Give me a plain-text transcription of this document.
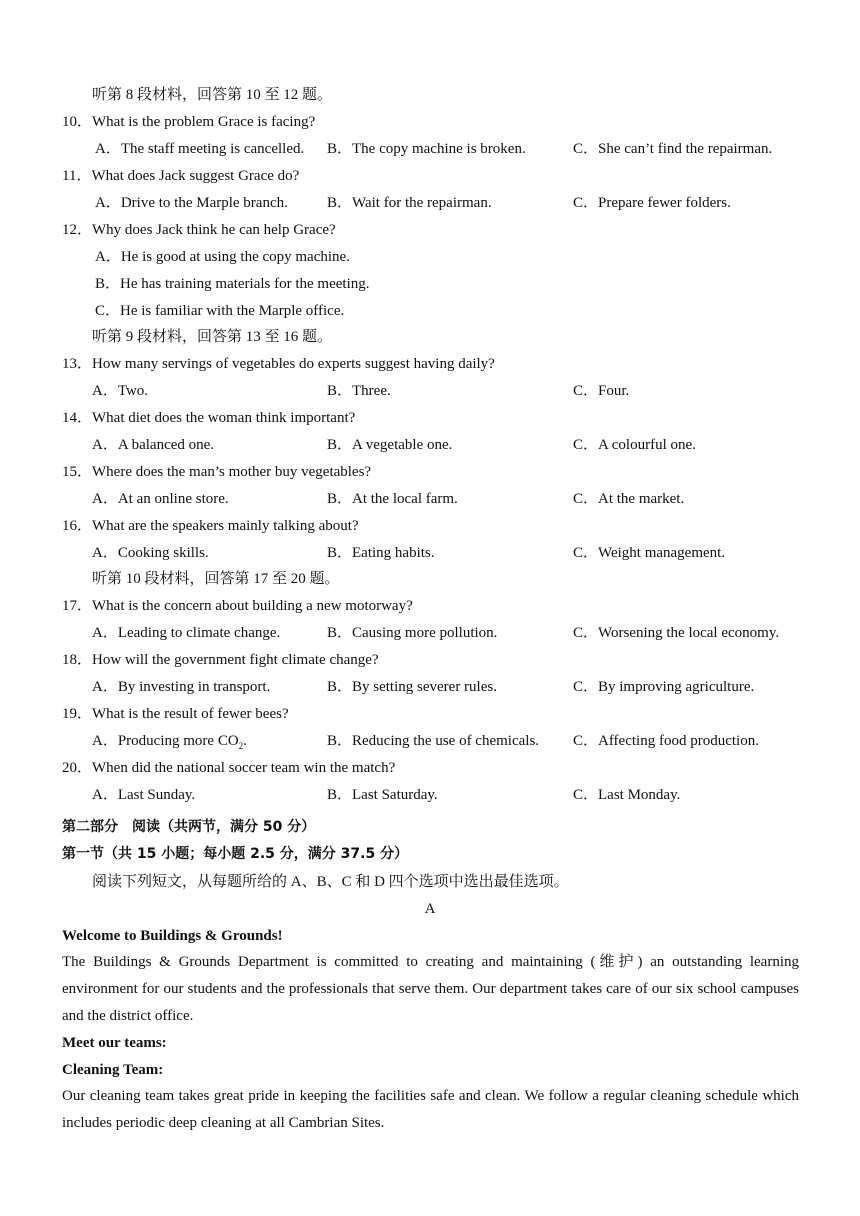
听第 8 段材料，回答第 10 至 12 题。
10．What is the problem Grace is facing?
A．The staff meeting is cancelled. B．The copy machine is broken.	C．She can’t find the repairman.
11．What does Jack suggest Grace do?
A．Drive to the Marple branch.	B．Wait for the repairman.	C．Prepare fewer folders.
12．Why does Jack think he can help Grace?
A．He is good at using the copy machine.
B．He has training materials for the meeting.
C．He is familiar with the Marple office.
听第 9 段材料，回答第 13 至 16 题。
13．How many servings of vegetables do experts suggest having daily?
A．Two.	B．Three.	C．Four.
14．What diet does the woman think important?
A．A balanced one.	B．A vegetable one.	C．A colourful one.
15．Where does the man’s mother buy vegetables?
A．At an online store.	B．At the local farm.	C．At the market.
16．What are the speakers mainly talking about?
A．Cooking skills.	B．Eating habits.	C．Weight management.
听第 10 段材料，回答第 17 至 20 题。
17．What is the concern about building a new motorway?
A．Leading to climate change.	B．Causing more pollution.	C．Worsening the local economy.
18．How will the government fight climate change?
A．By investing in transport.	B．By setting severer rules.	C．By improving agriculture.
19．What is the result of fewer bees?
A．Producing more $CO_2$.	B．Reducing the use of chemicals. C．Affecting food production.
20．When did the national soccer team win the match?
A．Last Sunday.	B．Last Saturday.	C．Last Monday.
第二部分　阅读（共两节，满分 50 分）
第一节（共 15 小题；每小题 2.5 分，满分 37.5 分）
阅读下列短文，从每题所给的 A、B、C 和 D 四个选项中选出最佳选项。
A
Welcome to Buildings & Grounds!
The Buildings & Grounds Department is committed to creating and maintaining (维护) an outstanding learning environment for our students and the professionals that serve them. Our department takes care of our six school campuses and the district office.
Meet our teams:
Cleaning Team:
Our cleaning team takes great pride in keeping the facilities safe and clean. We follow a regular cleaning schedule which includes periodic deep cleaning at all Cambrian Sites.
